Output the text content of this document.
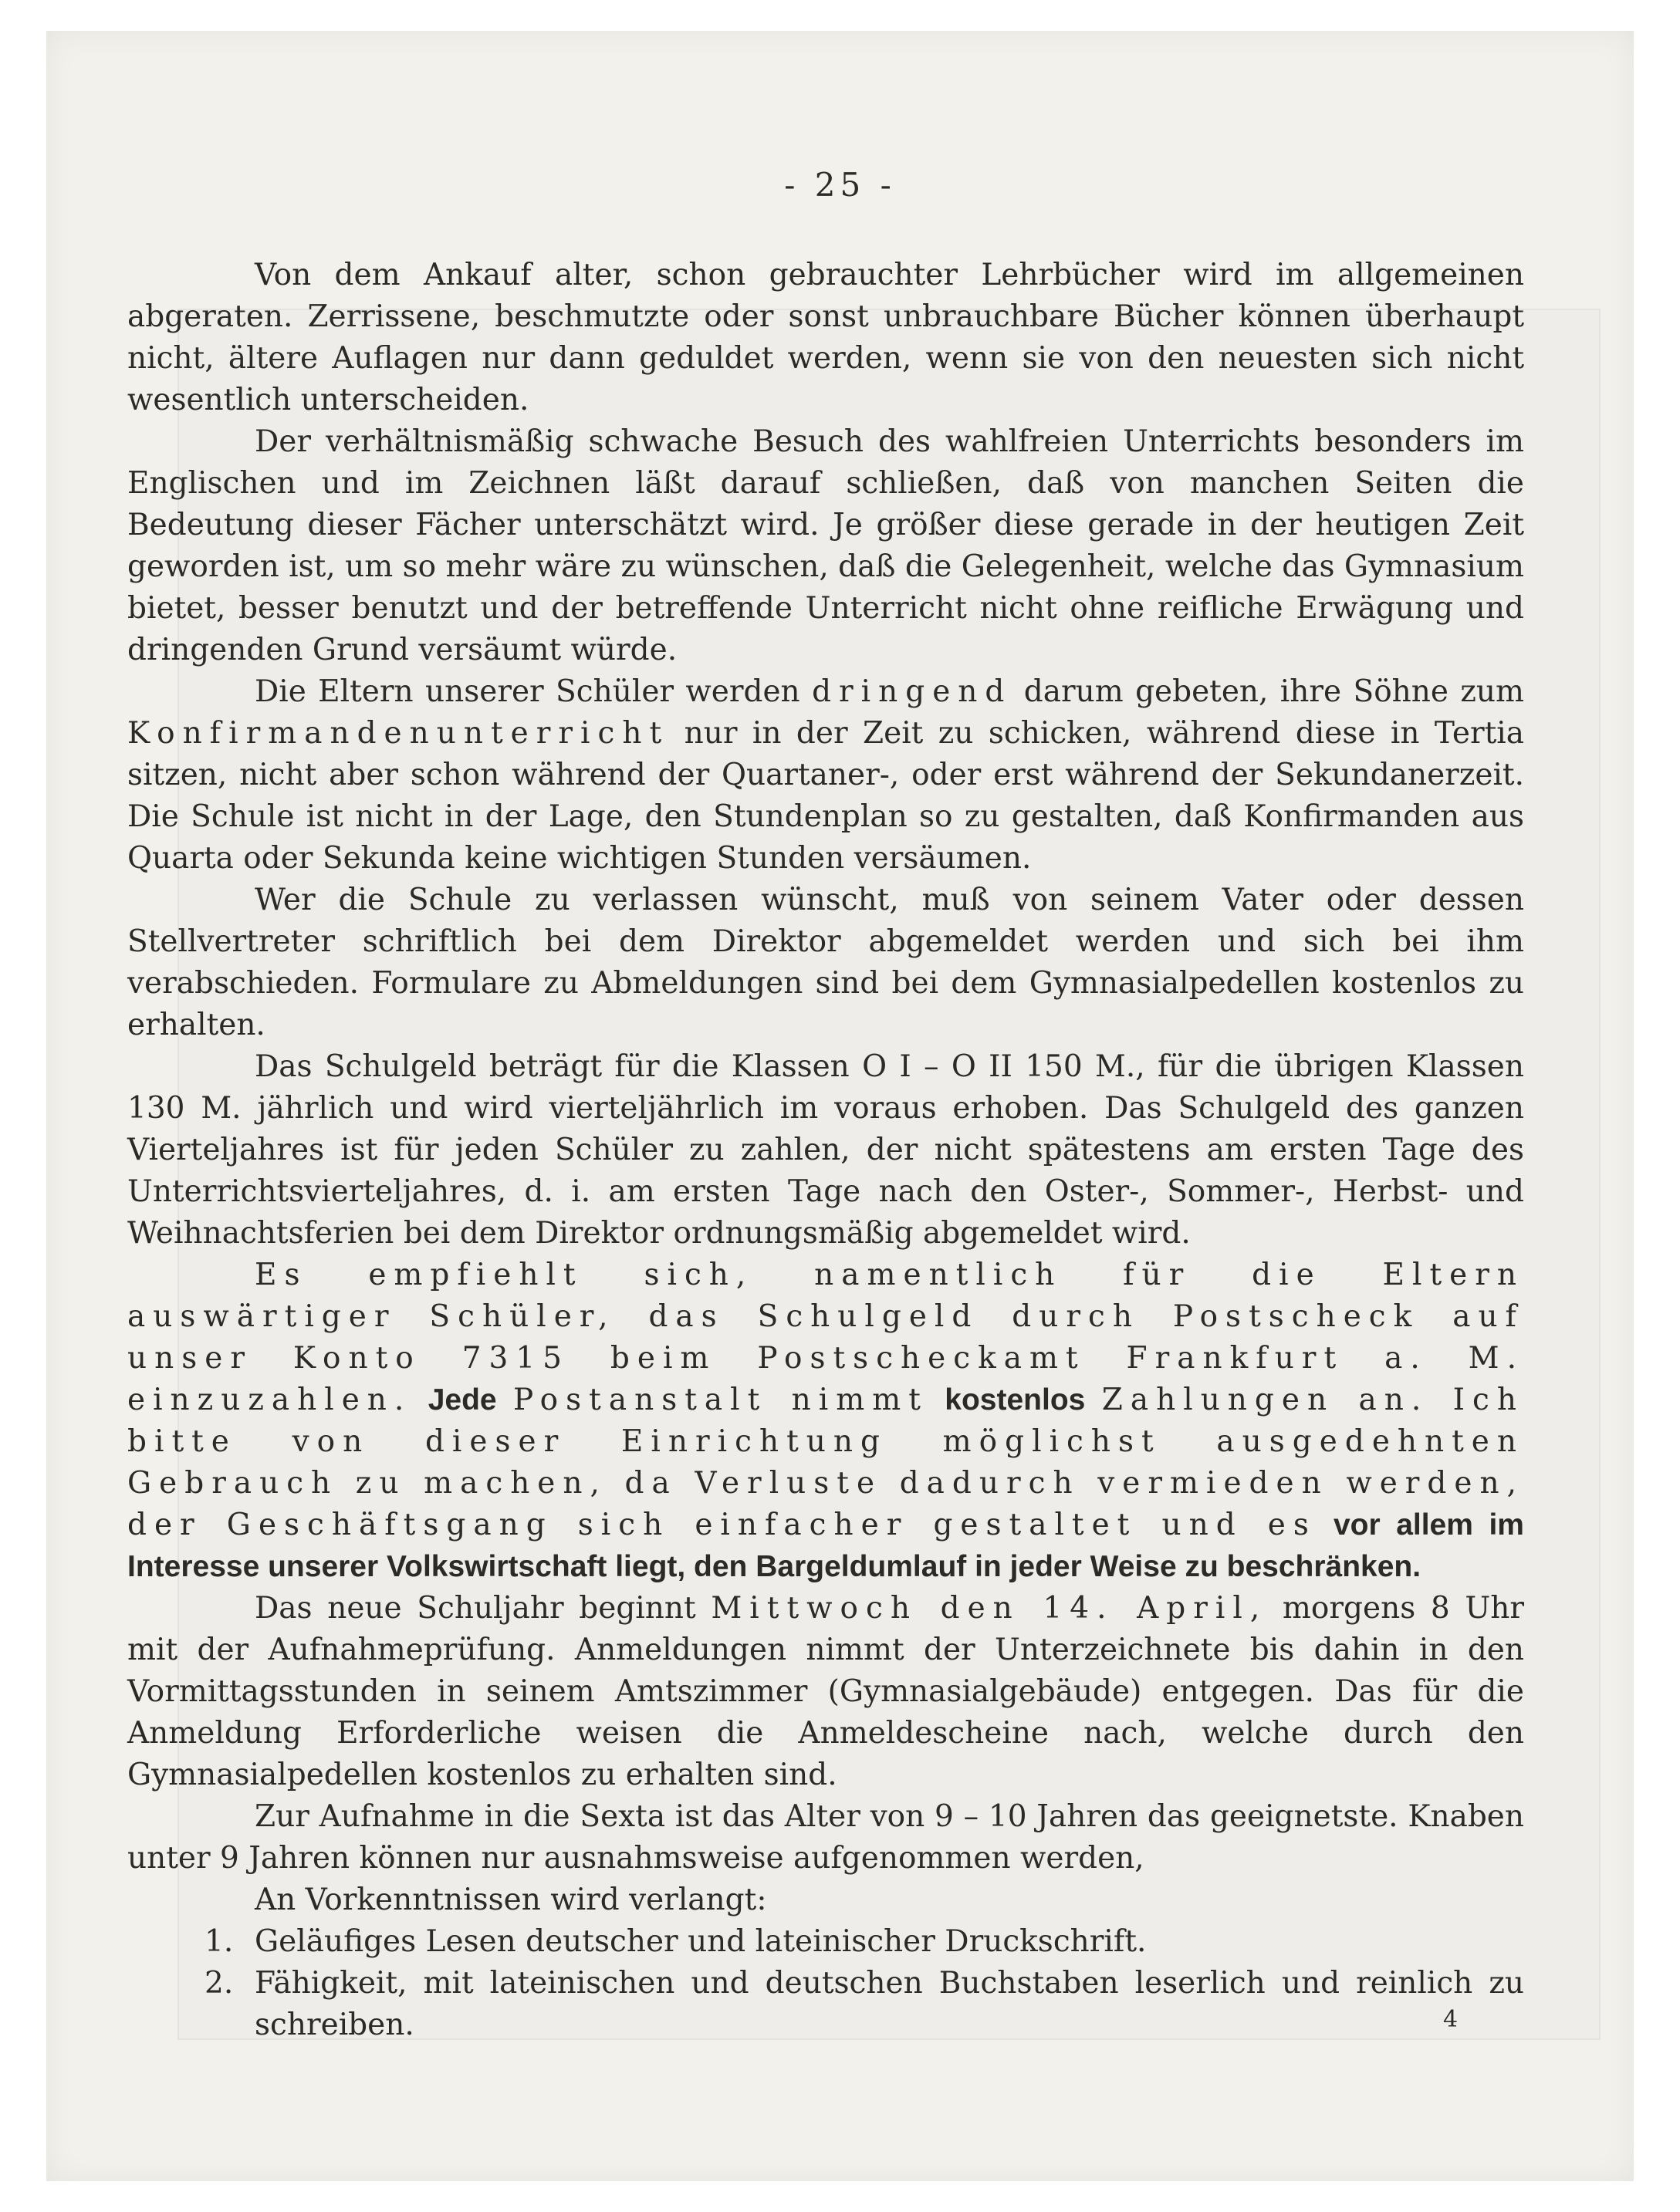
- 25 -

Von dem Ankauf alter, schon gebrauchter Lehrbücher wird im allgemeinen abgeraten. Zerrissene, beschmutzte oder sonst unbrauchbare Bücher können überhaupt nicht, ältere Auflagen nur dann geduldet werden, wenn sie von den neuesten sich nicht wesentlich unterscheiden.

Der verhältnismäßig schwache Besuch des wahlfreien Unterrichts besonders im Englischen und im Zeichnen läßt darauf schließen, daß von manchen Seiten die Bedeutung dieser Fächer unterschätzt wird. Je größer diese gerade in der heutigen Zeit geworden ist, um so mehr wäre zu wünschen, daß die Gelegenheit, welche das Gymnasium bietet, besser benutzt und der betreffende Unterricht nicht ohne reifliche Erwägung und dringenden Grund versäumt würde.

Die Eltern unserer Schüler werden dringend darum gebeten, ihre Söhne zum Konfirmandenunterricht nur in der Zeit zu schicken, während diese in Tertia sitzen, nicht aber schon während der Quartaner-, oder erst während der Sekundanerzeit. Die Schule ist nicht in der Lage, den Stundenplan so zu gestalten, daß Konfirmanden aus Quarta oder Sekunda keine wichtigen Stunden versäumen.

Wer die Schule zu verlassen wünscht, muß von seinem Vater oder dessen Stellvertreter schriftlich bei dem Direktor abgemeldet werden und sich bei ihm verabschieden. Formulare zu Abmeldungen sind bei dem Gymnasialpedellen kostenlos zu erhalten.

Das Schulgeld beträgt für die Klassen O I – O II 150 M., für die übrigen Klassen 130 M. jährlich und wird vierteljährlich im voraus erhoben. Das Schulgeld des ganzen Vierteljahres ist für jeden Schüler zu zahlen, der nicht spätestens am ersten Tage des Unterrichtsvierteljahres, d. i. am ersten Tage nach den Oster-, Sommer-, Herbst- und Weihnachtsferien bei dem Direktor ordnungsmäßig abgemeldet wird.

Es empfiehlt sich, namentlich für die Eltern auswärtiger Schüler, das Schulgeld durch Postscheck auf unser Konto 7315 beim Postscheckamt Frankfurt a. M. einzuzahlen. Jede Postanstalt nimmt kostenlos Zahlungen an. Ich bitte von dieser Einrichtung möglichst ausgedehnten Gebrauch zu machen, da Verluste dadurch vermieden werden, der Geschäftsgang sich einfacher gestaltet und es vor allem im Interesse unserer Volkswirtschaft liegt, den Bargeldumlauf in jeder Weise zu beschränken.

Das neue Schuljahr beginnt Mittwoch den 14. April, morgens 8 Uhr mit der Aufnahmeprüfung. Anmeldungen nimmt der Unterzeichnete bis dahin in den Vormittagsstunden in seinem Amtszimmer (Gymnasialgebäude) entgegen. Das für die Anmeldung Erforderliche weisen die Anmeldescheine nach, welche durch den Gymnasialpedellen kostenlos zu erhalten sind.

Zur Aufnahme in die Sexta ist das Alter von 9 – 10 Jahren das geeignetste. Knaben unter 9 Jahren können nur ausnahmsweise aufgenommen werden,

An Vorkenntnissen wird verlangt:

1. Geläufiges Lesen deutscher und lateinischer Druckschrift.
2. Fähigkeit, mit lateinischen und deutschen Buchstaben leserlich und reinlich zu schreiben.	4
